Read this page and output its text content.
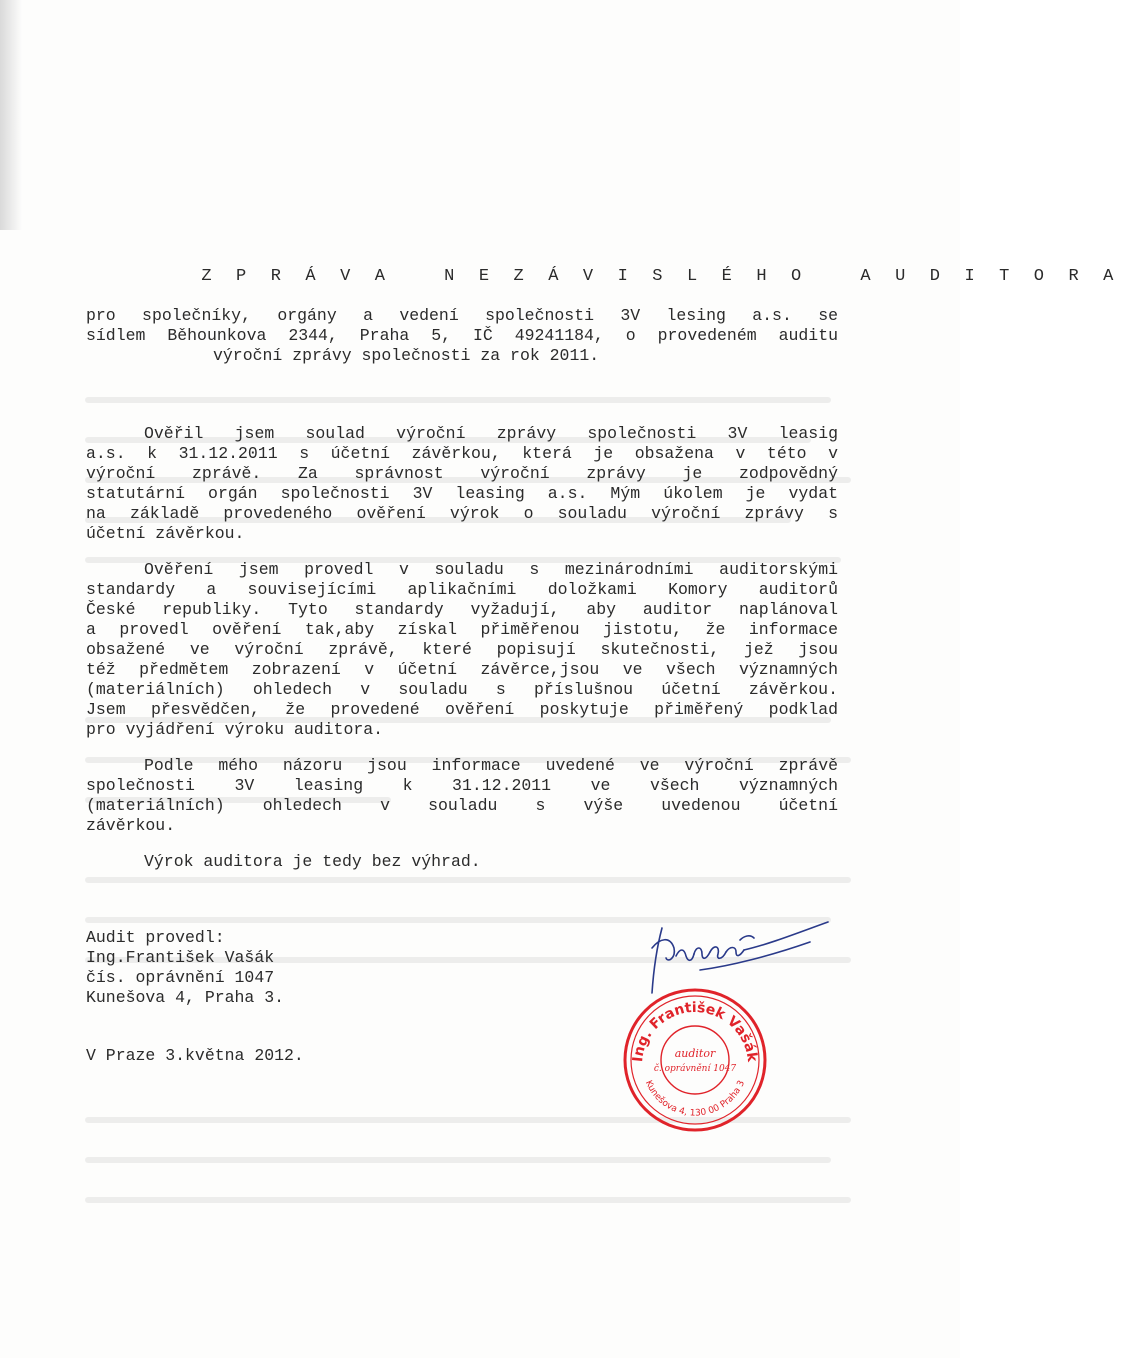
Z P R Á V A	N E Z Á V I S L É H O	A U D I T O R A

pro společníky, orgány a vedení společnosti 3V lesing a.s. se
sídlem Běhounkova 2344, Praha 5, IČ 49241184, o provedeném auditu
výroční zprávy společnosti za rok 2011.
Ověřil jsem soulad výroční zprávy společnosti 3V leasig
a.s. k 31.12.2011 s účetní závěrkou, která je obsažena v této v
výroční zprávě. Za správnost výroční zprávy je zodpovědný
statutární orgán společnosti 3V leasing a.s. Mým úkolem je vydat
na základě provedeného ověření výrok o souladu výroční zprávy s
účetní závěrkou.
Ověření jsem provedl v souladu s mezinárodními auditorskými
standardy a souvisejícími aplikačními doložkami Komory auditorů
České republiky. Tyto standardy vyžadují, aby auditor naplánoval
a provedl ověření tak,aby získal přiměřenou jistotu, že informace
obsažené ve výroční zprávě, které popisují skutečnosti, jež jsou
též předmětem zobrazení v účetní závěrce,jsou ve všech významných
(materiálních) ohledech v souladu s příslušnou účetní závěrkou.
Jsem přesvědčen, že provedené ověření poskytuje přiměřený podklad
pro vyjádření výroku auditora.
Podle mého názoru jsou informace uvedené ve výroční zprávě
společnosti 3V leasing k 31.12.2011 ve všech významných
(materiálních) ohledech v souladu s výše uvedenou účetní
závěrkou.
Výrok auditora je tedy bez výhrad.
Audit provedl:
Ing.František Vašák
čís. oprávnění 1047
Kunešova 4, Praha 3.
V Praze 3.května 2012.	Ing. František Vašák
Kunešova 4, 130 00 Praha 3
auditor
č. oprávnění 1047
